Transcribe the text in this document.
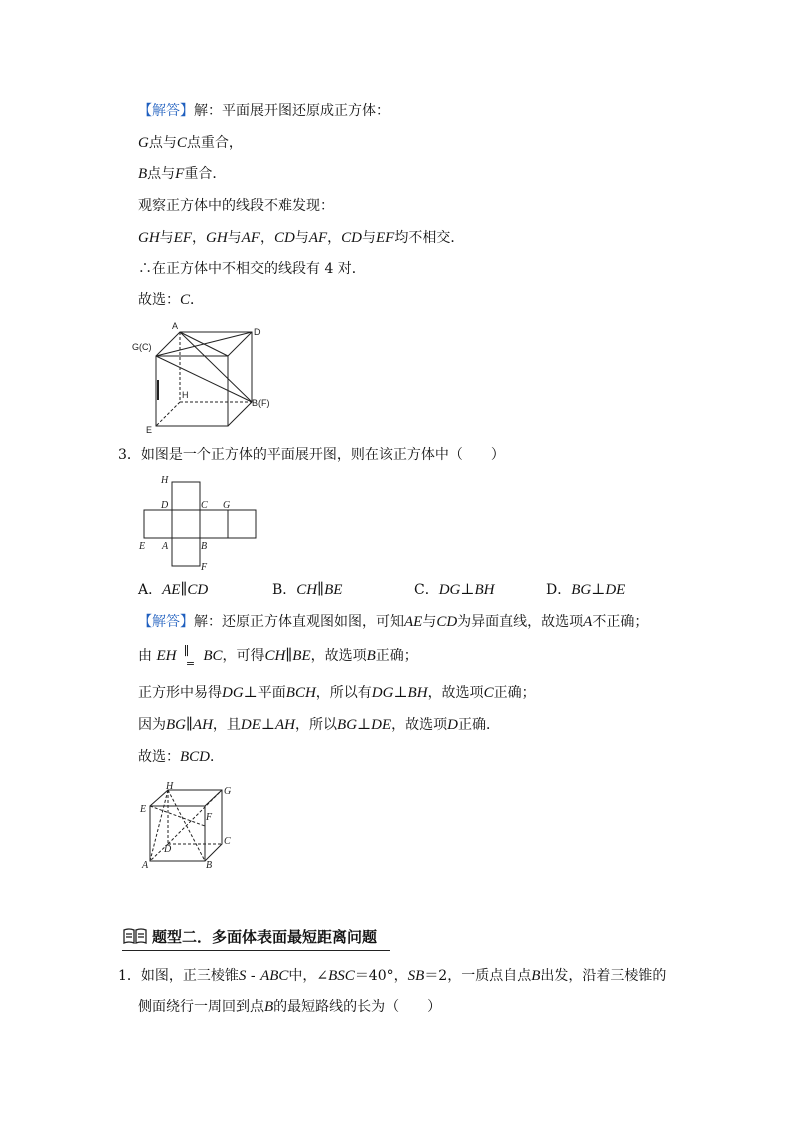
【解答】解：平面展开图还原成正方体：
G点与C点重合，
B点与F重合．
观察正方体中的线段不难发现：
GH与EF，GH与AF，CD与AF，CD与EF均不相交．
∴在正方体中不相交的线段有 4 对．
故选：C．
A
D
G(C)
H
B(F)
E
3．如图是一个正方体的平面展开图，则在该正方体中（　　）
H
D	C G
E A	B
F
A．AE∥CD	B．CH∥BE	C．DG⊥BH	D．BG⊥DE
【解答】解：还原正方体直观图如图，可知AE与CD为异面直线，故选项A不正确；
由 EH ∥
= BC，可得CH∥BE，故选项B正确；
正方形中易得DG⊥平面BCH，所以有DG⊥BH，故选项C正确；
因为BG∥AH，且DE⊥AH，所以BG⊥DE，故选项D正确．
故选：BCD．
H	G
E
F
D
C
A	B
题型二．多面体表面最短距离问题
1．如图，正三棱锥S - ABC中，∠BSC＝40°，SB＝2，一质点自点B出发，沿着三棱锥的
侧面绕行一周回到点B的最短路线的长为（　　）
